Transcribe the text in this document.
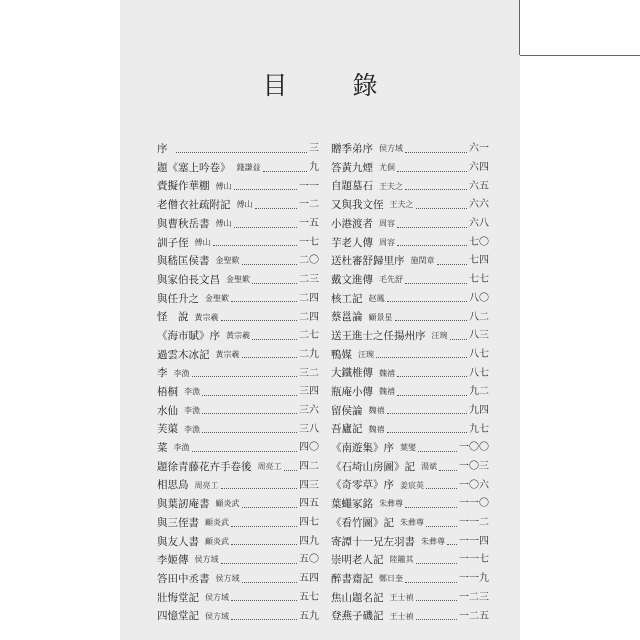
目　錄
序	三
題《塞上吟卷》 錢謙益	九
賫擬作華棚 傅山	一一
老僧衣社疏附記 傅山	一二
與曹秋岳書 傅山	一五
訓子侄 傅山	一七
與嵇匡侯書 金聖歎	二〇
與家伯長文昌 金聖歎	二三
與任升之 金聖歎	二四
怪　說 黃宗羲	二四
《海市賦》序 黃宗羲	二七
過雲木冰記 黃宗羲	二九
李 李漁	三二
梧桐 李漁	三四
水仙 李漁	三六
芙蕖 李漁	三八
菜 李漁	四〇
題徐青藤花卉手卷後 周亮工 四二
相思鳥 周亮工	四三
與葉訒庵書 顧炎武	四五
與三侄書 顧炎武	四七
與友人書 顧炎武	四九
李姬傳 侯方域	五〇
答田中丞書 侯方域	五四
壯悔堂記 侯方域	五七
四憶堂記 侯方域	五九
贈季弟序 侯方域	六一
答黃九煙 尤侗	六四
自題墓石 王夫之	六五
又與我文侄 王夫之	六六
小港渡者 周容	六八
芋老人傳 周容	七〇
送杜審舒歸里序 施閏章	七四
戴文進傳 毛先舒	七七
核工記 赵鳳	八〇
蔡邕論 顧景星	八二
送王進士之任揚州序 汪琬 八三
鴨媒 汪琬	八七
大鐵椎傳 魏禧	八七
瓶庵小傳 魏禧	九二
留侯論 魏禧	九四
吾廬記 魏禧	九七
《南遊集》序 葉燮	一〇〇
《石埼山房圖》記 湯斌 一〇三
《奇零草》序 姜宸英	一〇六
葉蠅冢銘 朱彝尊	一一〇
《看竹圖》記 朱彝尊	一一二
寄譚十一兄左羽書 朱彝尊 一一四
崇明老人記 陸隴其	一一七
醉書齋記 鄭日奎	一一九
焦山題名記 王士禎	一二三
登燕子磯記 王士禎	一二五
